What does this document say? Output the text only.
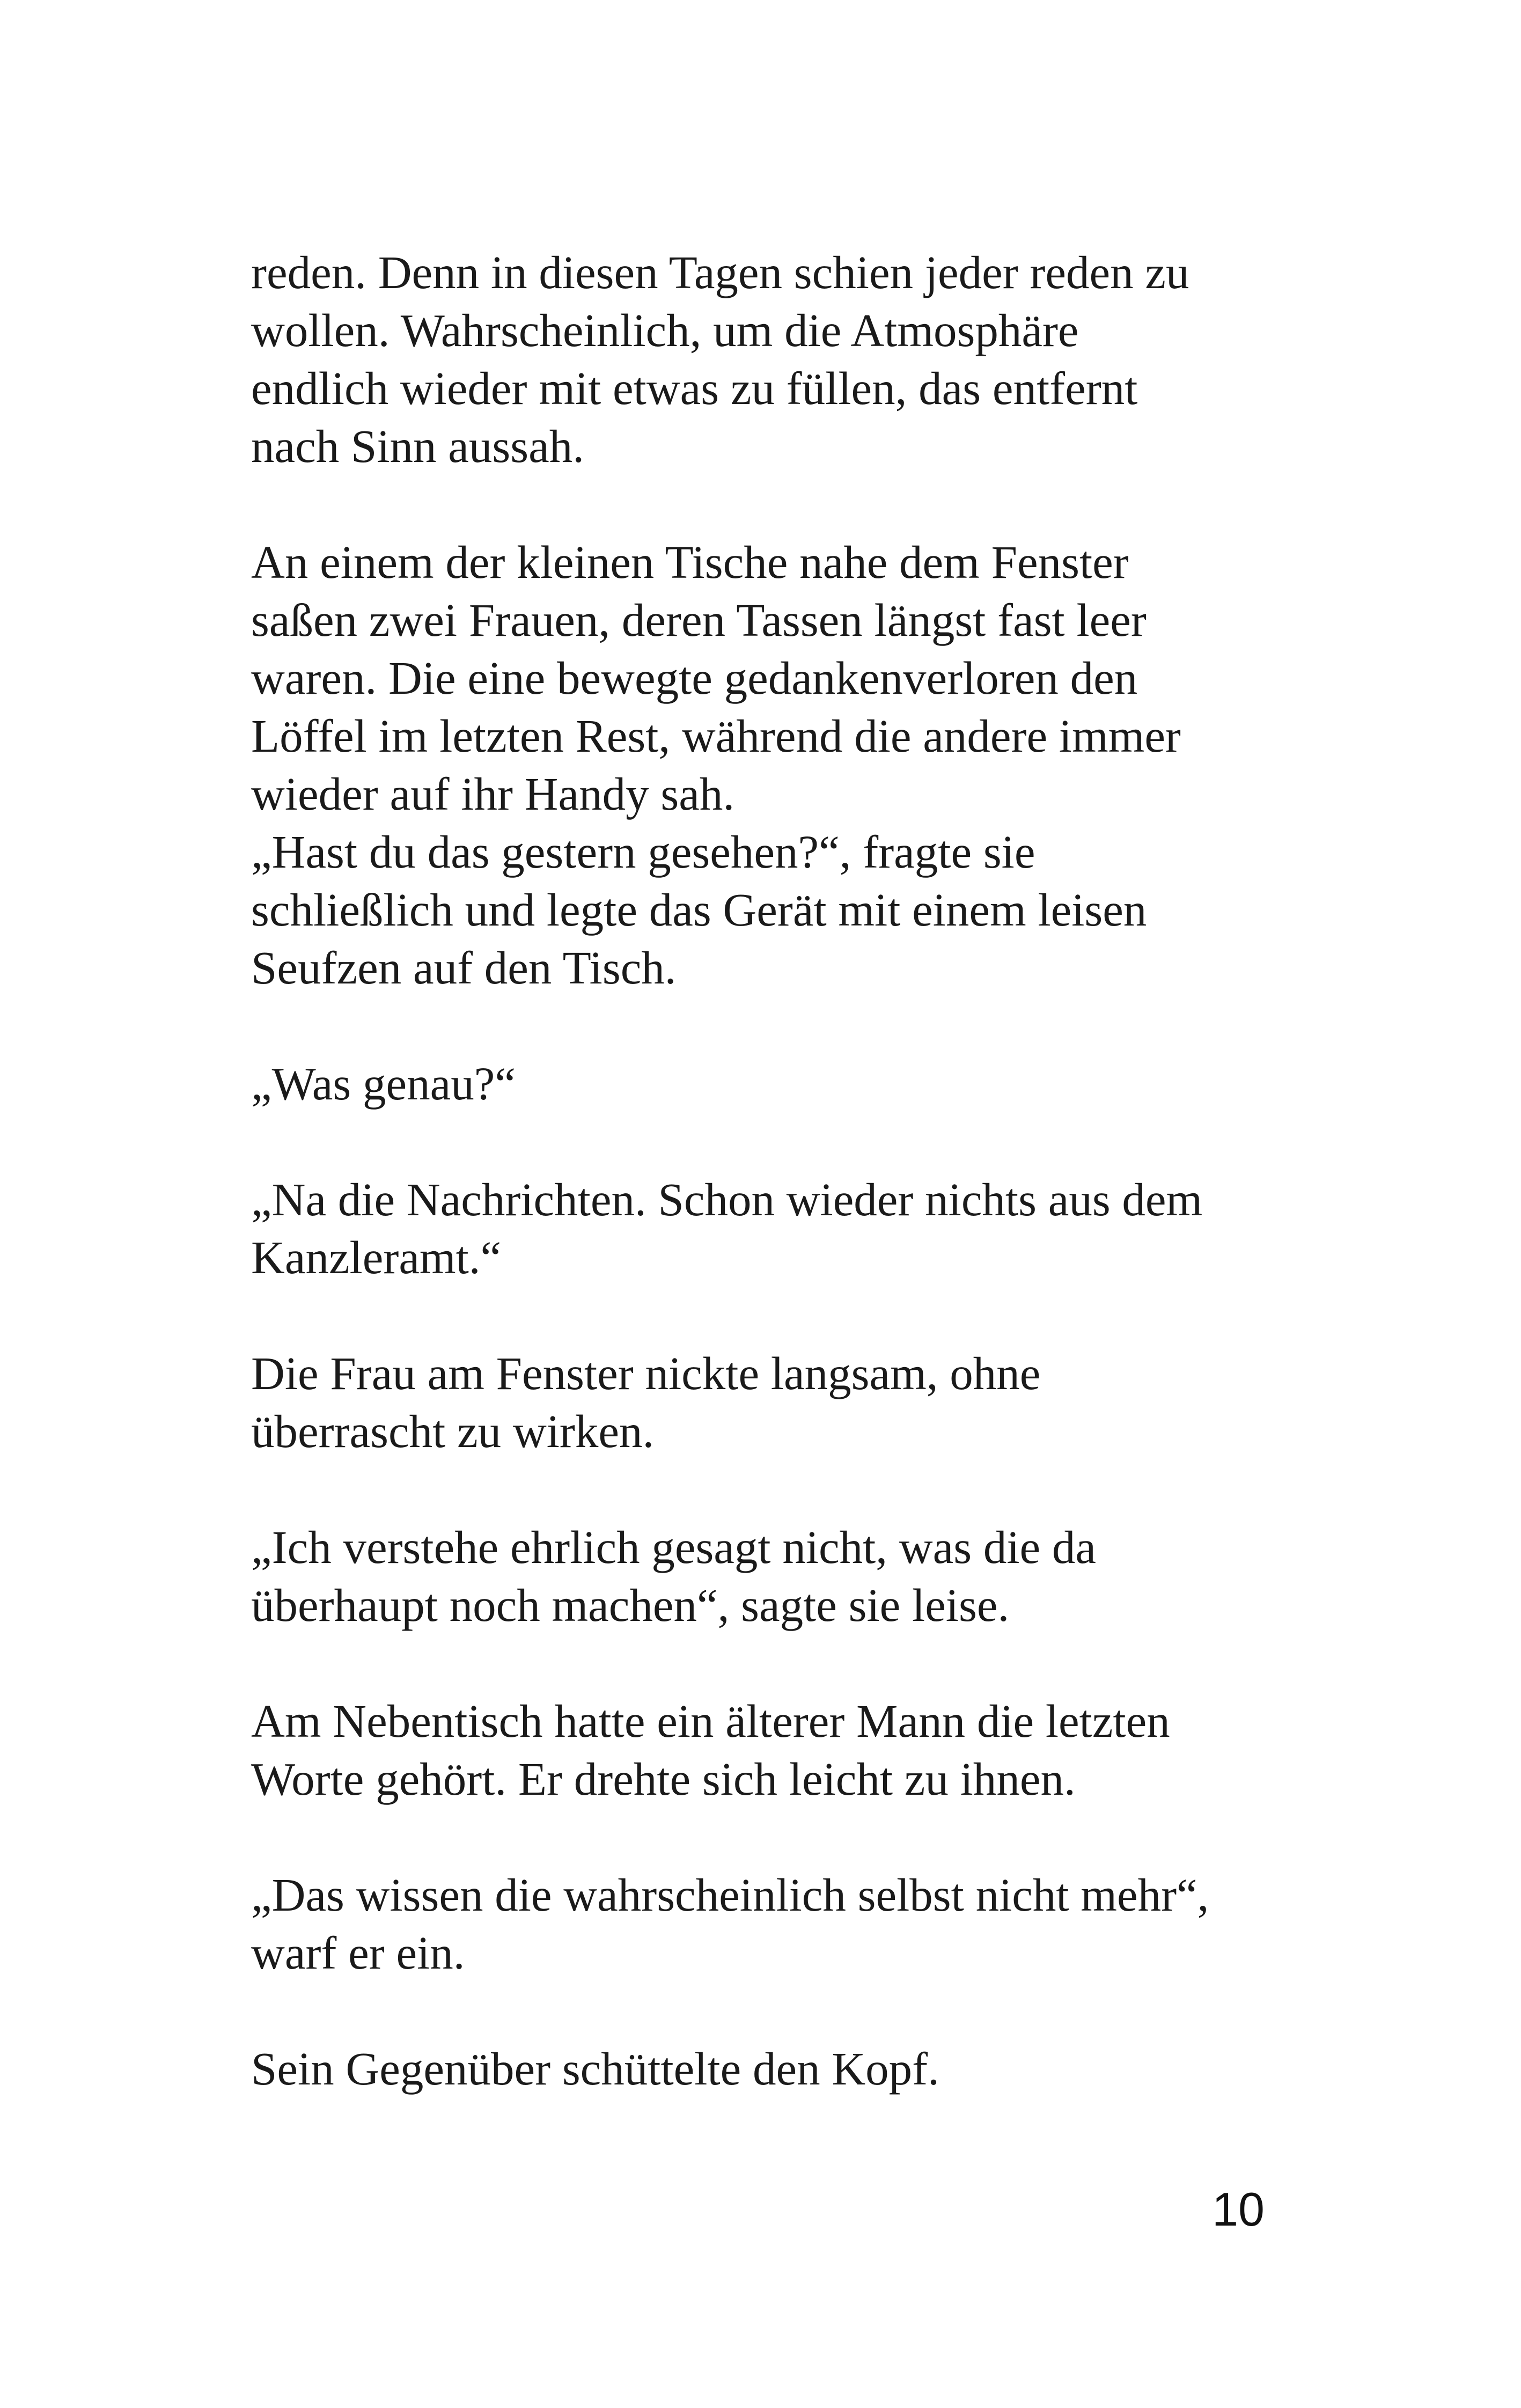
reden. Denn in diesen Tagen schien jeder reden zu
wollen. Wahrscheinlich, um die Atmosphäre
endlich wieder mit etwas zu füllen, das entfernt
nach Sinn aussah.
An einem der kleinen Tische nahe dem Fenster
saßen zwei Frauen, deren Tassen längst fast leer
waren. Die eine bewegte gedankenverloren den
Löffel im letzten Rest, während die andere immer
wieder auf ihr Handy sah.
„Hast du das gestern gesehen?“, fragte sie
schließlich und legte das Gerät mit einem leisen
Seufzen auf den Tisch.
„Was genau?“
„Na die Nachrichten. Schon wieder nichts aus dem
Kanzleramt.“
Die Frau am Fenster nickte langsam, ohne
überrascht zu wirken.
„Ich verstehe ehrlich gesagt nicht, was die da
überhaupt noch machen“, sagte sie leise.
Am Nebentisch hatte ein älterer Mann die letzten
Worte gehört. Er drehte sich leicht zu ihnen.
„Das wissen die wahrscheinlich selbst nicht mehr“,
warf er ein.
Sein Gegenüber schüttelte den Kopf.
10
